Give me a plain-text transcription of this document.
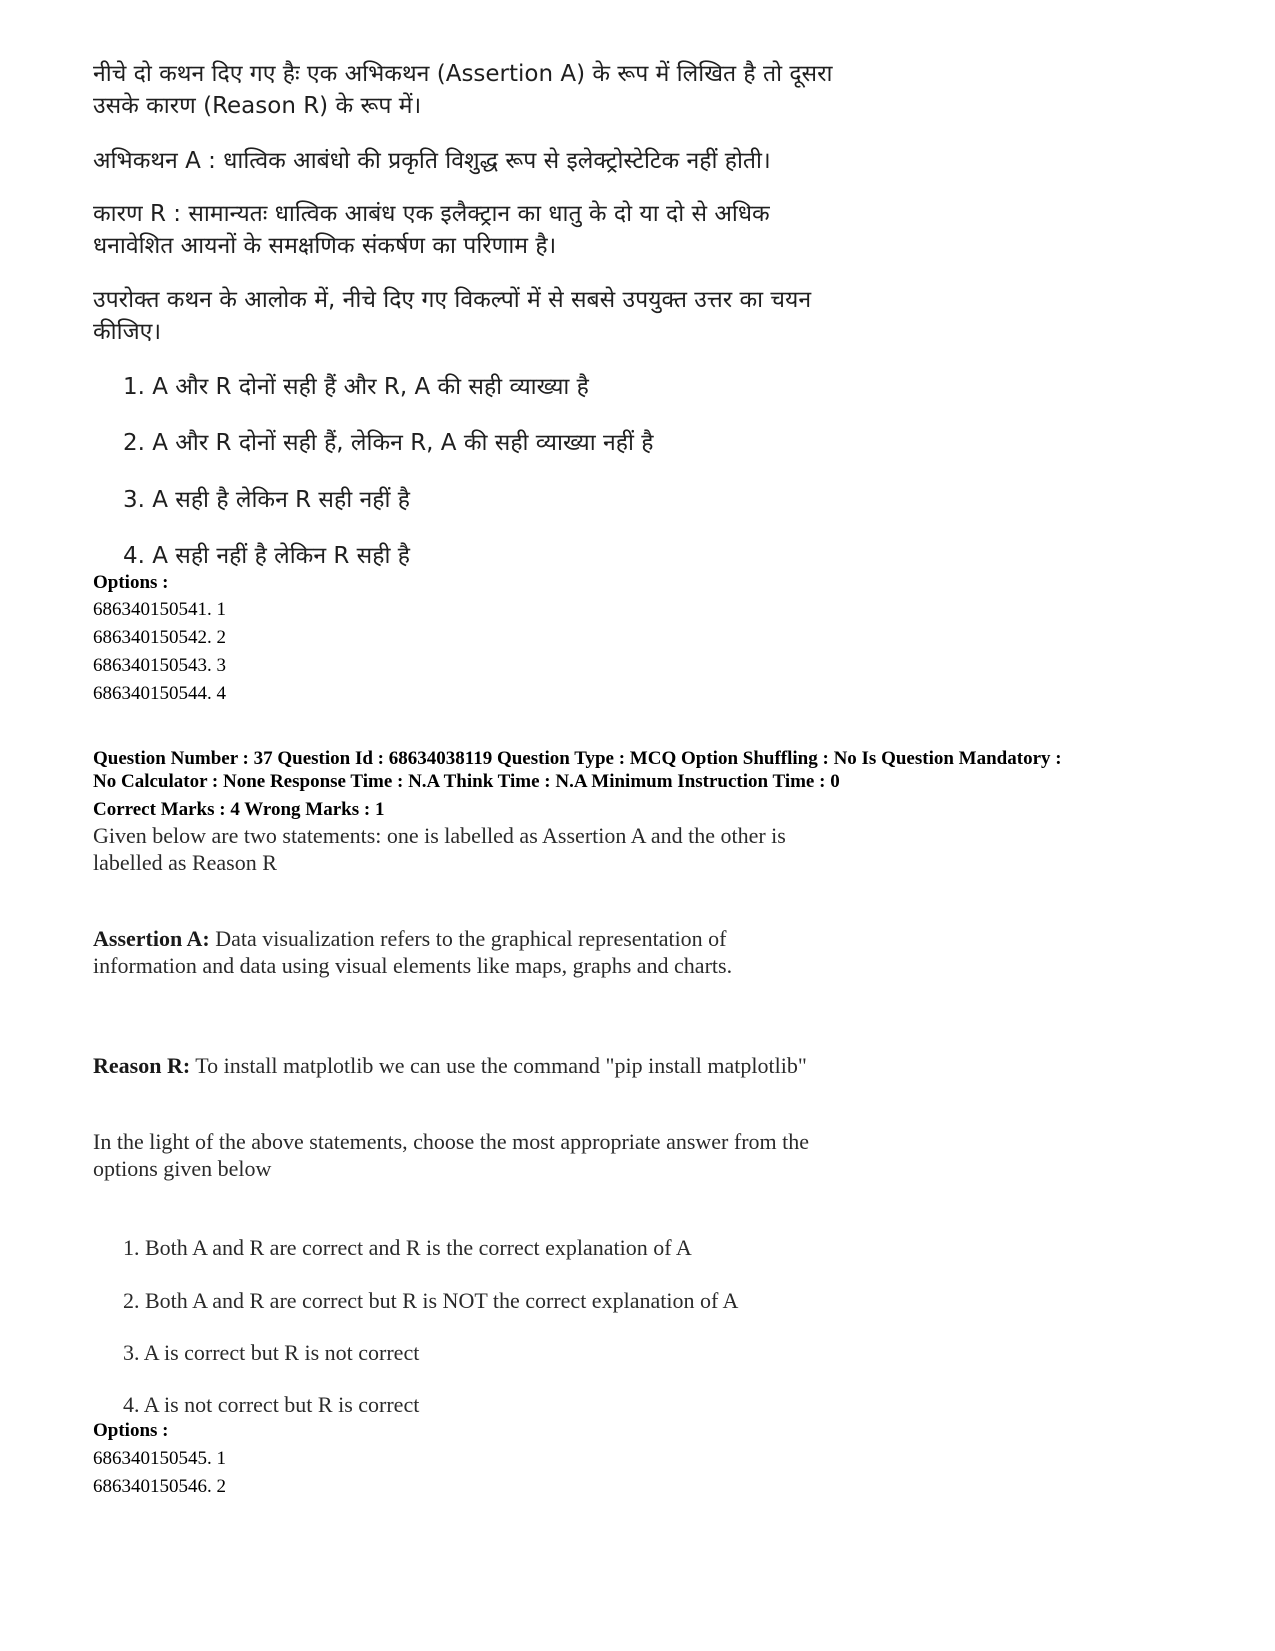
नीचे दो कथन दिए गए हैः एक अभिकथन (Assertion A) के रूप में लिखित है तो दूसरा
उसके कारण (Reason R) के रूप में।
अभिकथन A : धात्विक आबंधो की प्रकृति विशुद्ध रूप से इलेक्ट्रोस्टेटिक नहीं होती।
कारण R : सामान्यतः धात्विक आबंध एक इलैक्ट्रान का धातु के दो या दो से अधिक
धनावेशित आयनों के समक्षणिक संकर्षण का परिणाम है।
उपरोक्त कथन के आलोक में, नीचे दिए गए विकल्पों में से सबसे उपयुक्त उत्तर का चयन
कीजिए।
1. A और R दोनों सही हैं और R, A की सही व्याख्या है
2. A और R दोनों सही हैं, लेकिन R, A की सही व्याख्या नहीं है
3. A सही है लेकिन R सही नहीं है
4. A सही नहीं है लेकिन R सही है
Options :
686340150541. 1
686340150542. 2
686340150543. 3
686340150544. 4
Question Number : 37 Question Id : 68634038119 Question Type : MCQ Option Shuffling : No Is Question Mandatory :
No Calculator : None Response Time : N.A Think Time : N.A Minimum Instruction Time : 0
Correct Marks : 4 Wrong Marks : 1
Given below are two statements: one is labelled as Assertion A and the other is
labelled as Reason R
Assertion A: Data visualization refers to the graphical representation of
information and data using visual elements like maps, graphs and charts.
Reason R: To install matplotlib we can use the command "pip install matplotlib"
In the light of the above statements, choose the most appropriate answer from the
options given below
1. Both A and R are correct and R is the correct explanation of A
2. Both A and R are correct but R is NOT the correct explanation of A
3. A is correct but R is not correct
4. A is not correct but R is correct
Options :
686340150545. 1
686340150546. 2
